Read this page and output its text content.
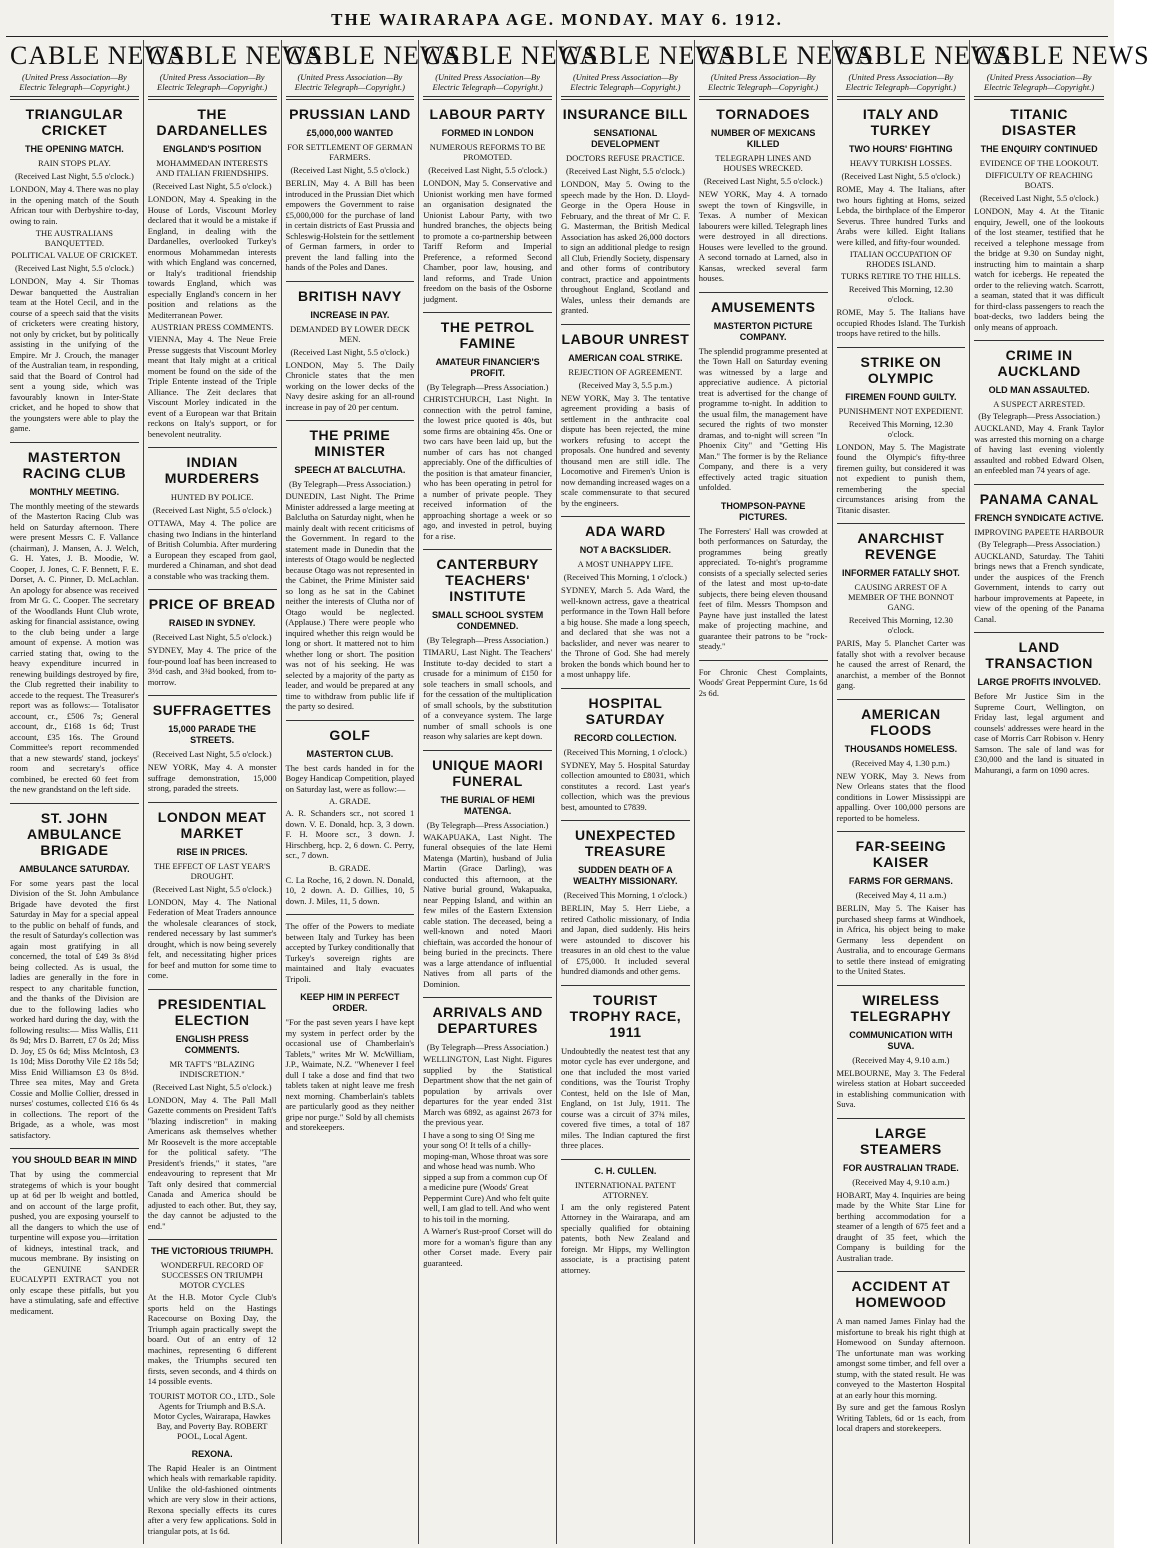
THE WAIRARAPA AGE. MONDAY. MAY 6. 1912.
CABLE NEWS
(United Press Association—By Electric Telegraph—Copyright.)
TRIANGULAR CRICKET
THE OPENING MATCH.
RAIN STOPS PLAY.
(Received Last Night, 5.5 o'clock.)
LONDON, May 4. There was no play in the opening match of the South African tour with Derbyshire to-day, owing to rain.
THE AUSTRALIANS BANQUETTED.
POLITICAL VALUE OF CRICKET.
(Received Last Night, 5.5 o'clock.)
LONDON, May 4. Sir Thomas Dewar banquetted the Australian team at the Hotel Cecil, and in the course of a speech said that the visits of cricketers were creating history, not only by cricket, but by politically assisting in the unifying of the Empire. Mr J. Crouch, the manager of the Australian team, in responding, said that the Board of Control had sent a young side, which was favourably known in Inter-State cricket, and he hoped to show that the youngsters were able to play the game.
MASTERTON RACING CLUB
MONTHLY MEETING.
The monthly meeting of the stewards of the Masterton Racing Club was held on Saturday afternoon. There were present Messrs C. F. Vallance (chairman), J. Mansen, A. J. Welch, G. H. Yates, J. B. Moodie, W. Cooper, J. Jones, C. F. Bennett, F. E. Dorset, A. C. Pinner, D. McLachlan. An apology for absence was received from Mr G. C. Cooper. The secretary of the Woodlands Hunt Club wrote, asking for financial assistance, owing to the club being under a large amount of expense. A motion was carried stating that, owing to the heavy expenditure incurred in renewing buildings destroyed by fire, the Club regretted their inability to accede to the request. The Treasurer's report was as follows:— Totalisator account, cr., £506 7s; General account, dr., £168 1s 6d; Trust account, £35 16s. The Ground Committee's report recommended that a new stewards' stand, jockeys' room and secretary's office combined, be erected 60 feet from the new grandstand on the left side.
ST. JOHN AMBULANCE BRIGADE
AMBULANCE SATURDAY.
For some years past the local Division of the St. John Ambulance Brigade have devoted the first Saturday in May for a special appeal to the public on behalf of funds, and the result of Saturday's collection was again most gratifying in all concerned, the total of £49 3s 8½d being collected. As is usual, the ladies are generally in the fore in respect to any charitable function, and the thanks of the Division are due to the following ladies who worked hard during the day, with the following results:— Miss Wallis, £11 8s 9d; Mrs D. Barrett, £7 0s 2d; Miss D. Joy, £5 0s 6d; Miss McIntosh, £3 1s 10d; Miss Dorothy Vile £2 18s 5d; Miss Enid Williamson £3 0s 8½d. Three sea mites, May and Greta Cossie and Mollie Collier, dressed in nurses' costumes, collected £16 6s 4s in collections. The report of the Brigade, as a whole, was most satisfactory.
YOU SHOULD BEAR IN MIND
That by using the commercial strategems of which is your bought up at 6d per lb weight and bottled, and on account of the large profit, pushed, you are exposing yourself to all the dangers to which the use of turpentine will expose you—irritation of kidneys, intestinal track, and mucous membrane. By insisting on the GENUINE SANDER EUCALYPTI EXTRACT you not only escape these pitfalls, but you have a stimulating, safe and effective medicament.
CABLE NEWS
(United Press Association—By Electric Telegraph—Copyright.)
THE DARDANELLES
ENGLAND'S POSITION
MOHAMMEDAN INTERESTS AND ITALIAN FRIENDSHIPS.
(Received Last Night, 5.5 o'clock.)
LONDON, May 4. Speaking in the House of Lords, Viscount Morley declared that it would be a mistake if England, in dealing with the Dardanelles, overlooked Turkey's enormous Mohammedan interests with which England was concerned, or Italy's traditional friendship towards England, which was especially England's concern in her position and relations as the Mediterranean Power.
AUSTRIAN PRESS COMMENTS.
VIENNA, May 4. The Neue Freie Presse suggests that Viscount Morley meant that Italy might at a critical moment be found on the side of the Triple Entente instead of the Triple Alliance. The Zeit declares that Viscount Morley indicated in the event of a European war that Britain reckons on Italy's support, or for benevolent neutrality.
INDIAN MURDERERS
HUNTED BY POLICE.
(Received Last Night, 5.5 o'clock.)
OTTAWA, May 4. The police are chasing two Indians in the hinterland of British Columbia. After murdering a European they escaped from gaol, murdered a Chinaman, and shot dead a constable who was tracking them.
PRICE OF BREAD
RAISED IN SYDNEY.
(Received Last Night, 5.5 o'clock.)
SYDNEY, May 4. The price of the four-pound loaf has been increased to 3½d cash, and 3¾d booked, from to-morrow.
SUFFRAGETTES
15,000 PARADE THE STREETS.
(Received Last Night, 5.5 o'clock.)
NEW YORK, May 4. A monster suffrage demonstration, 15,000 strong, paraded the streets.
LONDON MEAT MARKET
RISE IN PRICES.
THE EFFECT OF LAST YEAR'S DROUGHT.
(Received Last Night, 5.5 o'clock.)
LONDON, May 4. The National Federation of Meat Traders announce the wholesale clearances of stock, rendered necessary by last summer's drought, which is now being severely felt, and necessitating higher prices for beef and mutton for some time to come.
PRESIDENTIAL ELECTION
ENGLISH PRESS COMMENTS.
MR TAFT'S "BLAZING INDISCRETION."
(Received Last Night, 5.5 o'clock.)
LONDON, May 4. The Pall Mall Gazette comments on President Taft's "blazing indiscretion" in making Americans ask themselves whether Mr Roosevelt is the more acceptable for the political safety. "The President's friends," it states, "are endeavouring to represent that Mr Taft only desired that commercial Canada and America should be adjusted to each other. But, they say, the day cannot be adjusted to the end."
THE VICTORIOUS TRIUMPH.
WONDERFUL RECORD OF SUCCESSES ON TRIUMPH MOTOR CYCLES
At the H.B. Motor Cycle Club's sports held on the Hastings Racecourse on Boxing Day, the Triumph again practically swept the board. Out of an entry of 12 machines, representing 6 different makes, the Triumphs secured ten firsts, seven seconds, and 4 thirds on 14 possible events.
TOURIST MOTOR CO., LTD., Sole Agents for Triumph and B.S.A. Motor Cycles, Wairarapa, Hawkes Bay, and Poverty Bay. ROBERT POOL, Local Agent.
REXONA.
The Rapid Healer is an Ointment which heals with remarkable rapidity. Unlike the old-fashioned ointments which are very slow in their actions, Rexona specially effects its cures after a very few applications. Sold in triangular pots, at 1s 6d.
CABLE NEWS
(United Press Association—By Electric Telegraph—Copyright.)
PRUSSIAN LAND
£5,000,000 WANTED
FOR SETTLEMENT OF GERMAN FARMERS.
(Received Last Night, 5.5 o'clock.)
BERLIN, May 4. A Bill has been introduced in the Prussian Diet which empowers the Government to raise £5,000,000 for the purchase of land in certain districts of East Prussia and Schleswig-Holstein for the settlement of German farmers, in order to prevent the land falling into the hands of the Poles and Danes.
BRITISH NAVY
INCREASE IN PAY.
DEMANDED BY LOWER DECK MEN.
(Received Last Night, 5.5 o'clock.)
LONDON, May 5. The Daily Chronicle states that the men working on the lower decks of the Navy desire asking for an all-round increase in pay of 20 per centum.
THE PRIME MINISTER
SPEECH AT BALCLUTHA.
(By Telegraph—Press Association.)
DUNEDIN, Last Night. The Prime Minister addressed a large meeting at Balclutha on Saturday night, when he mainly dealt with recent criticisms of the Government. In regard to the statement made in Dunedin that the interests of Otago would be neglected because Otago was not represented in the Cabinet, the Prime Minister said so long as he sat in the Cabinet neither the interests of Clutha nor of Otago would be neglected. (Applause.) There were people who inquired whether this reign would be long or short. It mattered not to him whether long or short. The position was not of his seeking. He was selected by a majority of the party as leader, and would be prepared at any time to withdraw from public life if the party so desired.
GOLF
MASTERTON CLUB.
The best cards handed in for the Bogey Handicap Competition, played on Saturday last, were as follow:—
A. GRADE.
A. R. Schanders scr., not scored 1 down. V. E. Donald, hcp. 3, 3 down. F. H. Moore scr., 3 down. J. Hirschberg, hcp. 2, 6 down. C. Perry, scr., 7 down.
B. GRADE.
C. La Roche, 16, 2 down. N. Donald, 10, 2 down. A. D. Gillies, 10, 5 down. J. Miles, 11, 5 down.
The offer of the Powers to mediate between Italy and Turkey has been accepted by Turkey conditionally that Turkey's sovereign rights are maintained and Italy evacuates Tripoli.
KEEP HIM IN PERFECT ORDER.
"For the past seven years I have kept my system in perfect order by the occasional use of Chamberlain's Tablets," writes Mr W. McWilliam, J.P., Waimate, N.Z. "Whenever I feel dull I take a dose and find that two tablets taken at night leave me fresh next morning. Chamberlain's tablets are particularly good as they neither gripe nor purge." Sold by all chemists and storekeepers.
CABLE NEWS
(United Press Association—By Electric Telegraph—Copyright.)
LABOUR PARTY
FORMED IN LONDON
NUMEROUS REFORMS TO BE PROMOTED.
(Received Last Night, 5.5 o'clock.)
LONDON, May 5. Conservative and Unionist working men have formed an organisation designated the Unionist Labour Party, with two hundred branches, the objects being to promote a co-partnership between Tariff Reform and Imperial Preference, a reformed Second Chamber, poor law, housing, and land reforms, and Trade Union freedom on the basis of the Osborne judgment.
THE PETROL FAMINE
AMATEUR FINANCIER'S PROFIT.
(By Telegraph—Press Association.)
CHRISTCHURCH, Last Night. In connection with the petrol famine, the lowest price quoted is 40s, but some firms are obtaining 45s. One or two cars have been laid up, but the number of cars has not changed appreciably. One of the difficulties of the position is that amateur financier, who has been operating in petrol for a number of private people. They received information of the approaching shortage a week or so ago, and invested in petrol, buying for a rise.
CANTERBURY TEACHERS' INSTITUTE
SMALL SCHOOL SYSTEM CONDEMNED.
(By Telegraph—Press Association.)
TIMARU, Last Night. The Teachers' Institute to-day decided to start a crusade for a minimum of £150 for sole teachers in small schools, and for the cessation of the multiplication of small schools, by the substitution of a conveyance system. The large number of small schools is one reason why salaries are kept down.
UNIQUE MAORI FUNERAL
THE BURIAL OF HEMI MATENGA.
(By Telegraph—Press Association.)
WAKAPUAKA, Last Night. The funeral obsequies of the late Hemi Matenga (Martin), husband of Julia Martin (Grace Darling), was conducted this afternoon, at the Native burial ground, Wakapuaka, near Pepping Island, and within an few miles of the Eastern Extension cable station. The deceased, being a well-known and noted Maori chieftain, was accorded the honour of being buried in the precincts. There was a large attendance of influential Natives from all parts of the Dominion.
ARRIVALS AND DEPARTURES
(By Telegraph—Press Association.)
WELLINGTON, Last Night. Figures supplied by the Statistical Department show that the net gain of population by arrivals over departures for the year ended 31st March was 6892, as against 2673 for the previous year.
I have a song to sing O! Sing me your song O! It tells of a chilly-moping-man, Whose throat was sore and whose head was numb. Who sipped a sup from a common cup Of a medicine pure (Woods' Great Peppermint Cure) And who felt quite well, I am glad to tell. And who went to his toil in the morning.
A Warner's Rust-proof Corset will do more for a woman's figure than any other Corset made. Every pair guaranteed.
CABLE NEWS
(United Press Association—By Electric Telegraph—Copyright.)
INSURANCE BILL
SENSATIONAL DEVELOPMENT
DOCTORS REFUSE PRACTICE.
(Received Last Night, 5.5 o'clock.)
LONDON, May 5. Owing to the speech made by the Hon. D. Lloyd-George in the Opera House in February, and the threat of Mr C. F. G. Masterman, the British Medical Association has asked 26,000 doctors to sign an additional pledge to resign all Club, Friendly Society, dispensary and other forms of contributory contract, practice and appointments throughout England, Scotland and Wales, unless their demands are granted.
LABOUR UNREST
AMERICAN COAL STRIKE.
REJECTION OF AGREEMENT.
(Received May 3, 5.5 p.m.)
NEW YORK, May 3. The tentative agreement providing a basis of settlement in the anthracite coal dispute has been rejected, the mine workers refusing to accept the proposals. One hundred and seventy thousand men are still idle. The Locomotive and Firemen's Union is now demanding increased wages on a scale commensurate to that secured by the engineers.
ADA WARD
NOT A BACKSLIDER.
A MOST UNHAPPY LIFE.
(Received This Morning, 1 o'clock.)
SYDNEY, March 5. Ada Ward, the well-known actress, gave a theatrical performance in the Town Hall before a big house. She made a long speech, and declared that she was not a backslider, and never was nearer to the Throne of God. She had merely broken the bonds which bound her to a most unhappy life.
HOSPITAL SATURDAY
RECORD COLLECTION.
(Received This Morning, 1 o'clock.)
SYDNEY, May 5. Hospital Saturday collection amounted to £8031, which constitutes a record. Last year's collection, which was the previous best, amounted to £7839.
UNEXPECTED TREASURE
SUDDEN DEATH OF A WEALTHY MISSIONARY.
(Received This Morning, 1 o'clock.)
BERLIN, May 5. Herr Liebe, a retired Catholic missionary, of India and Japan, died suddenly. His heirs were astounded to discover his treasures in an old chest to the value of £75,000. It included several hundred diamonds and other gems.
TOURIST TROPHY RACE, 1911
Undoubtedly the neatest test that any motor cycle has ever undergone, and one that included the most varied conditions, was the Tourist Trophy Contest, held on the Isle of Man, England, on 1st July, 1911. The course was a circuit of 37¾ miles, covered five times, a total of 187 miles. The Indian captured the first three places.
C. H. CULLEN.
INTERNATIONAL PATENT ATTORNEY.
I am the only registered Patent Attorney in the Wairarapa, and am specially qualified for obtaining patents, both New Zealand and foreign. Mr Hipps, my Wellington associate, is a practising patent attorney.
CABLE NEWS
(United Press Association—By Electric Telegraph—Copyright.)
TORNADOES
NUMBER OF MEXICANS KILLED
TELEGRAPH LINES AND HOUSES WRECKED.
(Received Last Night, 5.5 o'clock.)
NEW YORK, May 4. A tornado swept the town of Kingsville, in Texas. A number of Mexican labourers were killed. Telegraph lines were destroyed in all directions. Houses were levelled to the ground. A second tornado at Larned, also in Kansas, wrecked several farm houses.
AMUSEMENTS
MASTERTON PICTURE COMPANY.
The splendid programme presented at the Town Hall on Saturday evening was witnessed by a large and appreciative audience. A pictorial treat is advertised for the change of programme to-night. In addition to the usual film, the management have secured the rights of two monster dramas, and to-night will screen "In Phoenix City" and "Getting His Man." The former is by the Reliance Company, and there is a very effectively acted tragic situation unfolded.
THOMPSON-PAYNE PICTURES.
The Forresters' Hall was crowded at both performances on Saturday, the programmes being greatly appreciated. To-night's programme consists of a specially selected series of the latest and most up-to-date subjects, there being eleven thousand feet of film. Messrs Thompson and Payne have just installed the latest make of projecting machine, and guarantee their patrons to be "rock-steady."
For Chronic Chest Complaints, Woods' Great Peppermint Cure, 1s 6d 2s 6d.
CABLE NEWS
(United Press Association—By Electric Telegraph—Copyright.)
ITALY AND TURKEY
TWO HOURS' FIGHTING
HEAVY TURKISH LOSSES.
(Received Last Night, 5.5 o'clock.)
ROME, May 4. The Italians, after two hours fighting at Homs, seized Lebda, the birthplace of the Emperor Severus. Three hundred Turks and Arabs were killed. Eight Italians were killed, and fifty-four wounded.
ITALIAN OCCUPATION OF RHODES ISLAND.
TURKS RETIRE TO THE HILLS.
Received This Morning, 12.30 o'clock.
ROME, May 5. The Italians have occupied Rhodes Island. The Turkish troops have retired to the hills.
STRIKE ON OLYMPIC
FIREMEN FOUND GUILTY.
PUNISHMENT NOT EXPEDIENT.
Received This Morning, 12.30 o'clock.
LONDON, May 5. The Magistrate found the Olympic's fifty-three firemen guilty, but considered it was not expedient to punish them, remembering the special circumstances arising from the Titanic disaster.
ANARCHIST REVENGE
INFORMER FATALLY SHOT.
CAUSING ARREST OF A MEMBER OF THE BONNOT GANG.
Received This Morning, 12.30 o'clock.
PARIS, May 5. Planchet Carter was fatally shot with a revolver because he caused the arrest of Renard, the anarchist, a member of the Bonnot gang.
AMERICAN FLOODS
THOUSANDS HOMELESS.
(Received May 4, 1.30 p.m.)
NEW YORK, May 3. News from New Orleans states that the flood conditions in Lower Mississippi are appalling. Over 100,000 persons are reported to be homeless.
FAR-SEEING KAISER
FARMS FOR GERMANS.
(Received May 4, 11 a.m.)
BERLIN, May 5. The Kaiser has purchased sheep farms at Windhoek, in Africa, his object being to make Germany less dependent on Australia, and to encourage Germans to settle there instead of emigrating to the United States.
WIRELESS TELEGRAPHY
COMMUNICATION WITH SUVA.
(Received May 4, 9.10 a.m.)
MELBOURNE, May 3. The Federal wireless station at Hobart succeeded in establishing communication with Suva.
LARGE STEAMERS
FOR AUSTRALIAN TRADE.
(Received May 4, 9.10 a.m.)
HOBART, May 4. Inquiries are being made by the White Star Line for berthing accommodation for a steamer of a length of 675 feet and a draught of 35 feet, which the Company is building for the Australian trade.
ACCIDENT AT HOMEWOOD
A man named James Finlay had the misfortune to break his right thigh at Homewood on Sunday afternoon. The unfortunate man was working amongst some timber, and fell over a stump, with the stated result. He was conveyed to the Masterton Hospital at an early hour this morning.
By sure and get the famous Roslyn Writing Tablets, 6d or 1s each, from local drapers and storekeepers.
CABLE NEWS
(United Press Association—By Electric Telegraph—Copyright.)
TITANIC DISASTER
THE ENQUIRY CONTINUED
EVIDENCE OF THE LOOKOUT.
DIFFICULTY OF REACHING BOATS.
(Received Last Night, 5.5 o'clock.)
LONDON, May 4. At the Titanic enquiry, Jewell, one of the lookouts of the lost steamer, testified that he received a telephone message from the bridge at 9.30 on Sunday night, instructing him to maintain a sharp watch for icebergs. He repeated the order to the relieving watch. Scarrott, a seaman, stated that it was difficult for third-class passengers to reach the boat-decks, two ladders being the only means of approach.
CRIME IN AUCKLAND
OLD MAN ASSAULTED.
A SUSPECT ARRESTED.
(By Telegraph—Press Association.)
AUCKLAND, May 4. Frank Taylor was arrested this morning on a charge of having last evening violently assaulted and robbed Edward Olsen, an enfeebled man 74 years of age.
PANAMA CANAL
FRENCH SYNDICATE ACTIVE.
IMPROVING PAPEETE HARBOUR
(By Telegraph—Press Association.)
AUCKLAND, Saturday. The Tahiti brings news that a French syndicate, under the auspices of the French Government, intends to carry out harbour improvements at Papeete, in view of the opening of the Panama Canal.
LAND TRANSACTION
LARGE PROFITS INVOLVED.
Before Mr Justice Sim in the Supreme Court, Wellington, on Friday last, legal argument and counsels' addresses were heard in the case of Morris Carr Robison v. Henry Samson. The sale of land was for £30,000 and the land is situated in Mahurangi, a farm on 1090 acres.
